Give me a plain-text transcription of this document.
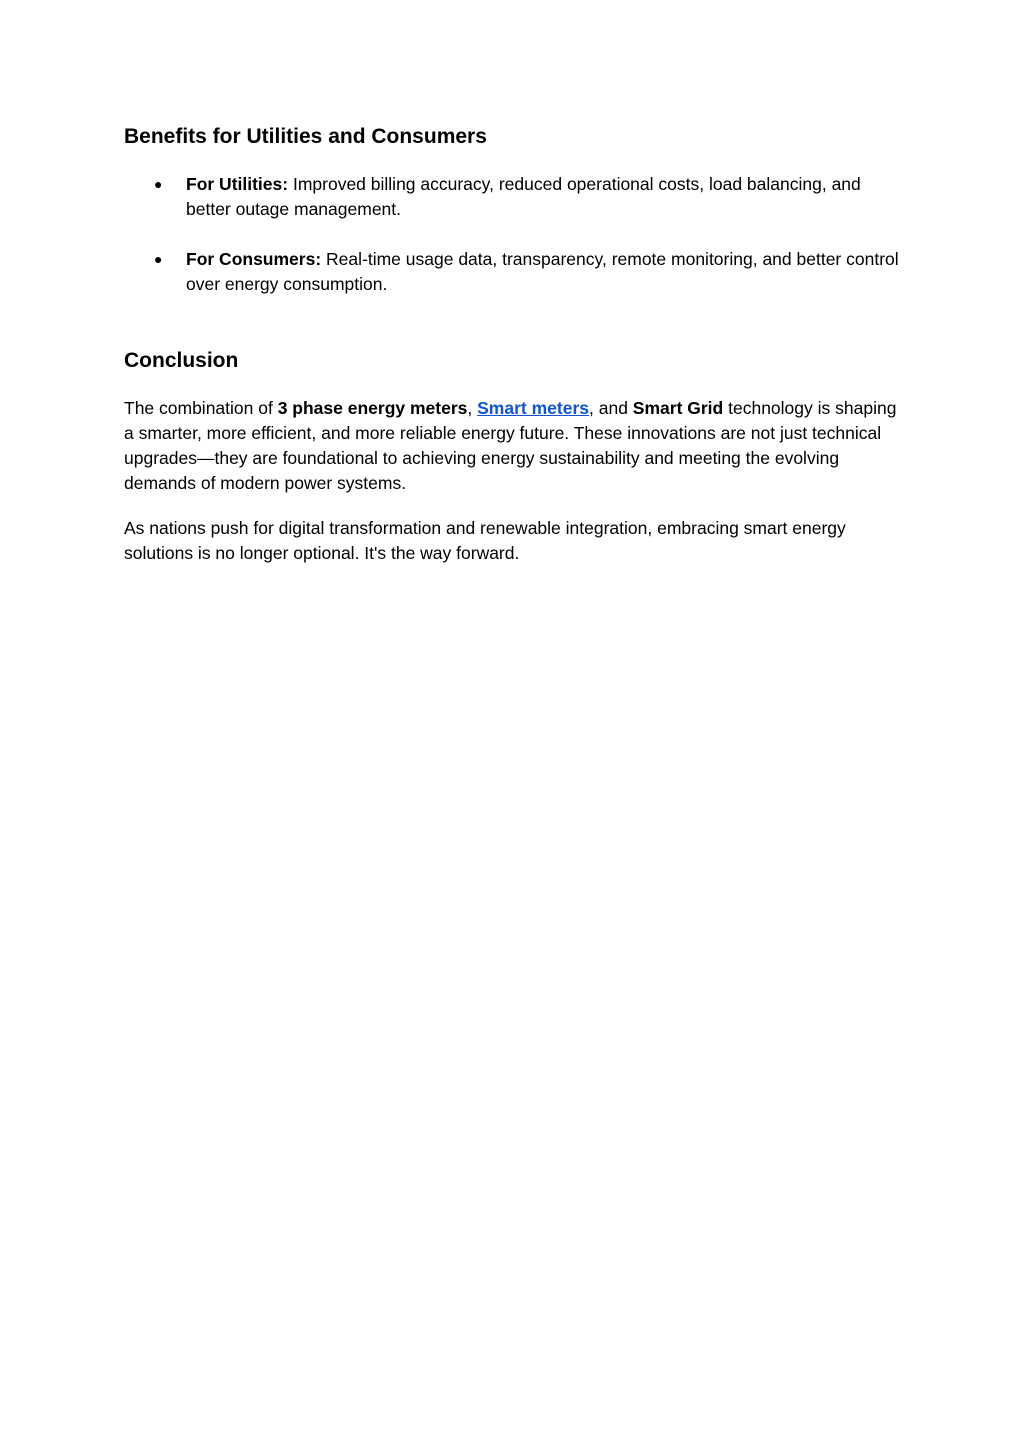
Benefits for Utilities and Consumers
● For Utilities: Improved billing accuracy, reduced operational costs, load balancing, and better outage management.
● For Consumers: Real-time usage data, transparency, remote monitoring, and better control over energy consumption.
Conclusion

The combination of 3 phase energy meters, Smart meters, and Smart Grid technology is shaping a smarter, more efficient, and more reliable energy future. These innovations are not just technical upgrades—they are foundational to achieving energy sustainability and meeting the evolving demands of modern power systems.

As nations push for digital transformation and renewable integration, embracing smart energy solutions is no longer optional. It's the way forward.
